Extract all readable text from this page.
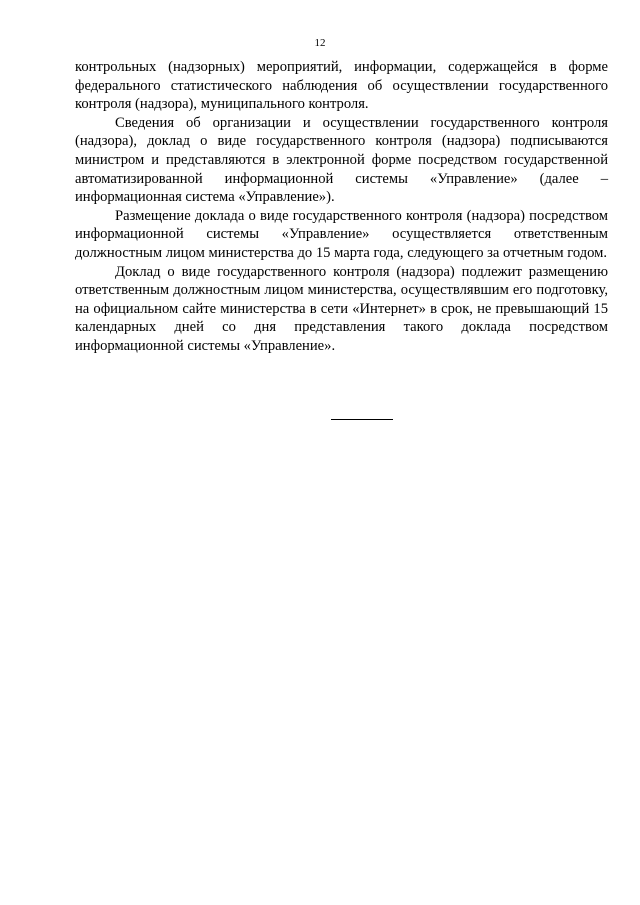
12

контрольных (надзорных) мероприятий, информации, содержащейся в форме федерального статистического наблюдения об осуществлении государственного контроля (надзора), муниципального контроля.

Сведения об организации и осуществлении государственного контроля (надзора), доклад о виде государственного контроля (надзора) подписываются министром и представляются в электронной форме посредством государственной автоматизированной информационной системы «Управление» (далее – информационная система «Управление»).

Размещение доклада о виде государственного контроля (надзора) посредством информационной системы «Управление» осуществляется ответственным должностным лицом министерства до 15 марта года, следующего за отчетным годом.

Доклад о виде государственного контроля (надзора) подлежит размещению ответственным должностным лицом министерства, осуществлявшим его подготовку, на официальном сайте министерства в сети «Интернет» в срок, не превышающий 15 календарных дней со дня представления такого доклада посредством информационной системы «Управление».
